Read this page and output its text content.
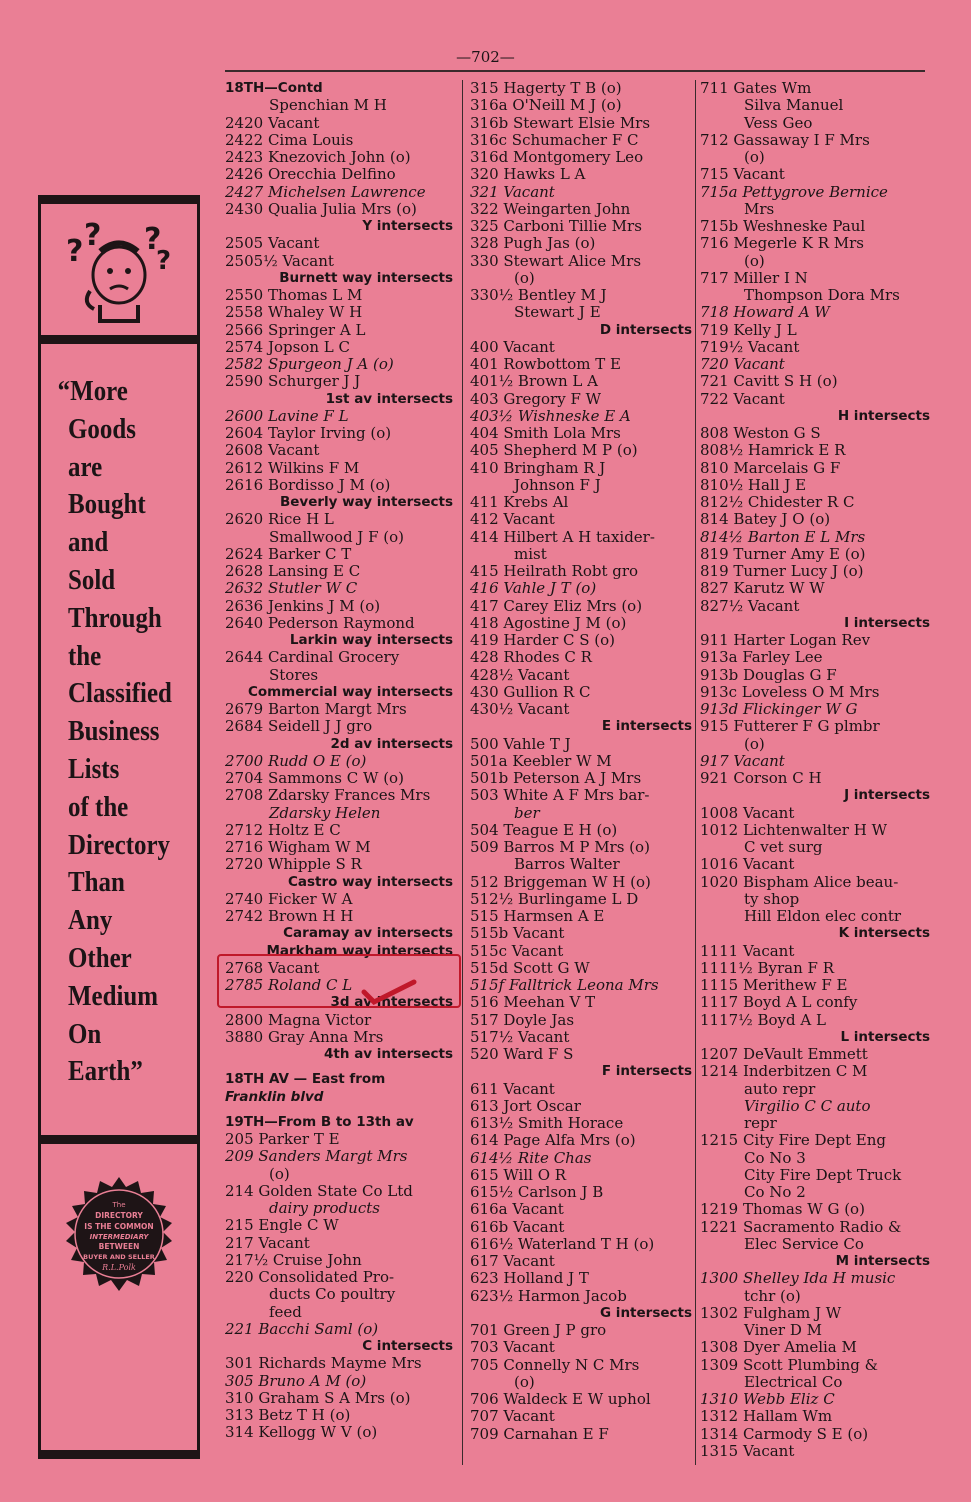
—702—
? ? ?
?
“More
Goods
are
Bought
and
Sold
Through
the
Classified
Business
Lists
of the
Directory
Than
Any
Other
Medium
On
Earth”
The
DIRECTORY
IS THE COMMON
INTERMEDIARY
BETWEEN
BUYER AND SELLER
R.L.Polk
18TH—Contd
Spenchian M H
2420 Vacant
2422 Cima Louis
2423 Knezovich John (o)
2426 Orecchia Delfino
2427 Michelsen Lawrence
2430 Qualia Julia Mrs (o)
Y intersects
2505 Vacant
2505½ Vacant
Burnett way intersects
2550 Thomas L M
2558 Whaley W H
2566 Springer A L
2574 Jopson L C
2582 Spurgeon J A (o)
2590 Schurger J J
1st av intersects
2600 Lavine F L
2604 Taylor Irving (o)
2608 Vacant
2612 Wilkins F M
2616 Bordisso J M (o)
Beverly way intersects
2620 Rice H L
Smallwood J F (o)
2624 Barker C T
2628 Lansing E C
2632 Stutler W C
2636 Jenkins J M (o)
2640 Pederson Raymond
Larkin way intersects
2644 Cardinal Grocery
Stores
Commercial way intersects
2679 Barton Margt Mrs
2684 Seidell J J gro
2d av intersects
2700 Rudd O E (o)
2704 Sammons C W (o)
2708 Zdarsky Frances Mrs
Zdarsky Helen
2712 Holtz E C
2716 Wigham W M
2720 Whipple S R
Castro way intersects
2740 Ficker W A
2742 Brown H H
Caramay av intersects
Markham way intersects
2768 Vacant
2785 Roland C L
3d av intersects
2800 Magna Victor
3880 Gray Anna Mrs
4th av intersects
18TH AV — East from
Franklin blvd
19TH—From B to 13th av
205 Parker T E
209 Sanders Margt Mrs
(o)
214 Golden State Co Ltd
dairy products
215 Engle C W
217 Vacant
217½ Cruise John
220 Consolidated Pro-
ducts Co poultry
feed
221 Bacchi Saml (o)
C intersects
301 Richards Mayme Mrs
305 Bruno A M (o)
310 Graham S A Mrs (o)
313 Betz T H (o)
314 Kellogg W V (o)
315 Hagerty T B (o)
316a O'Neill M J (o)
316b Stewart Elsie Mrs
316c Schumacher F C
316d Montgomery Leo
320 Hawks L A
321 Vacant
322 Weingarten John
325 Carboni Tillie Mrs
328 Pugh Jas (o)
330 Stewart Alice Mrs
(o)
330½ Bentley M J
Stewart J E
D intersects
400 Vacant
401 Rowbottom T E
401½ Brown L A
403 Gregory F W
403½ Wishneske E A
404 Smith Lola Mrs
405 Shepherd M P (o)
410 Bringham R J
Johnson F J
411 Krebs Al
412 Vacant
414 Hilbert A H taxider-
mist
415 Heilrath Robt gro
416 Vahle J T (o)
417 Carey Eliz Mrs (o)
418 Agostine J M (o)
419 Harder C S (o)
428 Rhodes C R
428½ Vacant
430 Gullion R C
430½ Vacant
E intersects
500 Vahle T J
501a Keebler W M
501b Peterson A J Mrs
503 White A F Mrs bar-
ber
504 Teague E H (o)
509 Barros M P Mrs (o)
Barros Walter
512 Briggeman W H (o)
512½ Burlingame L D
515 Harmsen A E
515b Vacant
515c Vacant
515d Scott G W
515f Falltrick Leona Mrs
516 Meehan V T
517 Doyle Jas
517½ Vacant
520 Ward F S
F intersects
611 Vacant
613 Jort Oscar
613½ Smith Horace
614 Page Alfa Mrs (o)
614½ Rite Chas
615 Will O R
615½ Carlson J B
616a Vacant
616b Vacant
616½ Waterland T H (o)
617 Vacant
623 Holland J T
623½ Harmon Jacob
G intersects
701 Green J P gro
703 Vacant
705 Connelly N C Mrs
(o)
706 Waldeck E W uphol
707 Vacant
709 Carnahan E F
711 Gates Wm
Silva Manuel
Vess Geo
712 Gassaway I F Mrs
(o)
715 Vacant
715a Pettygrove Bernice
Mrs
715b Weshneske Paul
716 Megerle K R Mrs
(o)
717 Miller I N
Thompson Dora Mrs
718 Howard A W
719 Kelly J L
719½ Vacant
720 Vacant
721 Cavitt S H (o)
722 Vacant
H intersects
808 Weston G S
808½ Hamrick E R
810 Marcelais G F
810½ Hall J E
812½ Chidester R C
814 Batey J O (o)
814½ Barton E L Mrs
819 Turner Amy E (o)
819 Turner Lucy J (o)
827 Karutz W W
827½ Vacant
I intersects
911 Harter Logan Rev
913a Farley Lee
913b Douglas G F
913c Loveless O M Mrs
913d Flickinger W G
915 Futterer F G plmbr
(o)
917 Vacant
921 Corson C H
J intersects
1008 Vacant
1012 Lichtenwalter H W
C vet surg
1016 Vacant
1020 Bispham Alice beau-
ty shop
Hill Eldon elec contr
K intersects
1111 Vacant
1111½ Byran F R
1115 Merithew F E
1117 Boyd A L confy
1117½ Boyd A L
L intersects
1207 DeVault Emmett
1214 Inderbitzen C M
auto repr
Virgilio C C auto
repr
1215 City Fire Dept Eng
Co No 3
City Fire Dept Truck
Co No 2
1219 Thomas W G (o)
1221 Sacramento Radio &
Elec Service Co
M intersects
1300 Shelley Ida H music
tchr (o)
1302 Fulgham J W
Viner D M
1308 Dyer Amelia M
1309 Scott Plumbing &
Electrical Co
1310 Webb Eliz C
1312 Hallam Wm
1314 Carmody S E (o)
1315 Vacant
